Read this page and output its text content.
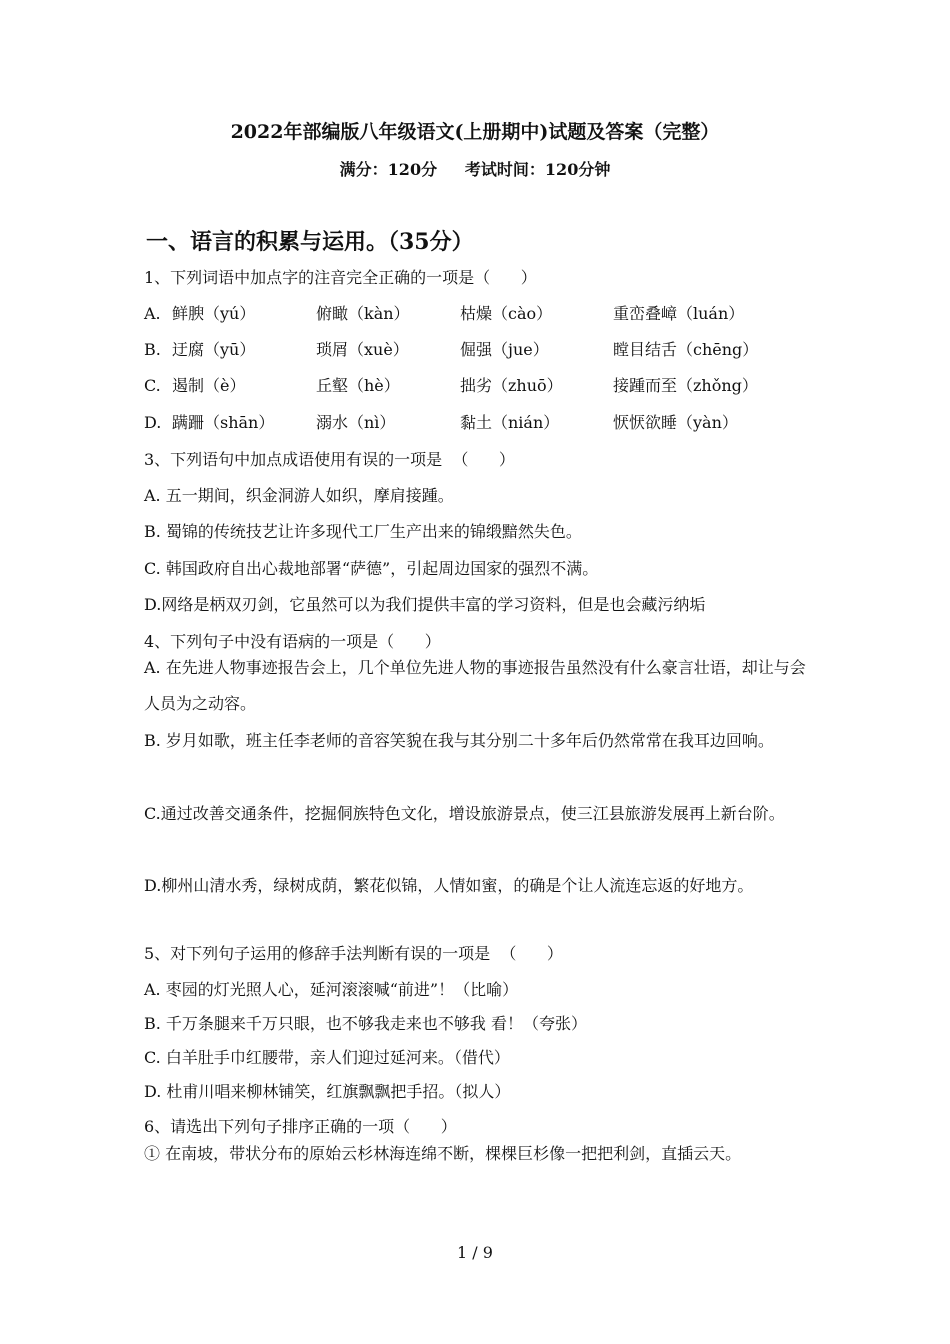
2022年部编版八年级语文(上册期中)试题及答案（完整）
满分：120分     考试时间：120分钟
一、语言的积累与运用。（35分）
1、下列词语中加点字的注音完全正确的一项是（      ）
A. 鲜腴（yú）	俯瞰（kàn）	枯燥（cào）	重峦叠嶂（luán）
B. 迂腐（yū）	琐屑（xuè）	倔强（jue）	瞠目结舌（chēng）
C. 遏制（è）	丘壑（hè）	拙劣（zhuō）	接踵而至（zhǒng）
D. 蹒跚（shān）	溺水（nì）	黏土（nián）	恹恹欲睡（yàn）
3、下列语句中加点成语使用有误的一项是  （      ）
A. 五一期间，织金洞游人如织，摩肩接踵。
B. 蜀锦的传统技艺让许多现代工厂生产出来的锦缎黯然失色。
C. 韩国政府自出心裁地部署“萨德”，引起周边国家的强烈不满。
D.网络是柄双刃剑，它虽然可以为我们提供丰富的学习资料，但是也会藏污纳垢
4、下列句子中没有语病的一项是（      ）
A. 在先进人物事迹报告会上，几个单位先进人物的事迹报告虽然没有什么豪言壮语，却让与会人员为之动容。
B. 岁月如歌，班主任李老师的音容笑貌在我与其分别二十多年后仍然常常在我耳边回响。
C.通过改善交通条件，挖掘侗族特色文化，增设旅游景点，使三江县旅游发展再上新台阶。
D.柳州山清水秀，绿树成荫，繁花似锦，人情如蜜，的确是个让人流连忘返的好地方。
5、对下列句子运用的修辞手法判断有误的一项是  （      ）
A. 枣园的灯光照人心，延河滚滚喊“前进”！（比喻）
B. 千万条腿来千万只眼，也不够我走来也不够我 看！（夸张）
C. 白羊肚手巾红腰带，亲人们迎过延河来。（借代）
D. 杜甫川唱来柳林铺笑，红旗飘飘把手招。（拟人）
6、请选出下列句子排序正确的一项（      ）
① 在南坡，带状分布的原始云杉林海连绵不断，棵棵巨杉像一把把利剑，直插云天。
1 / 9
